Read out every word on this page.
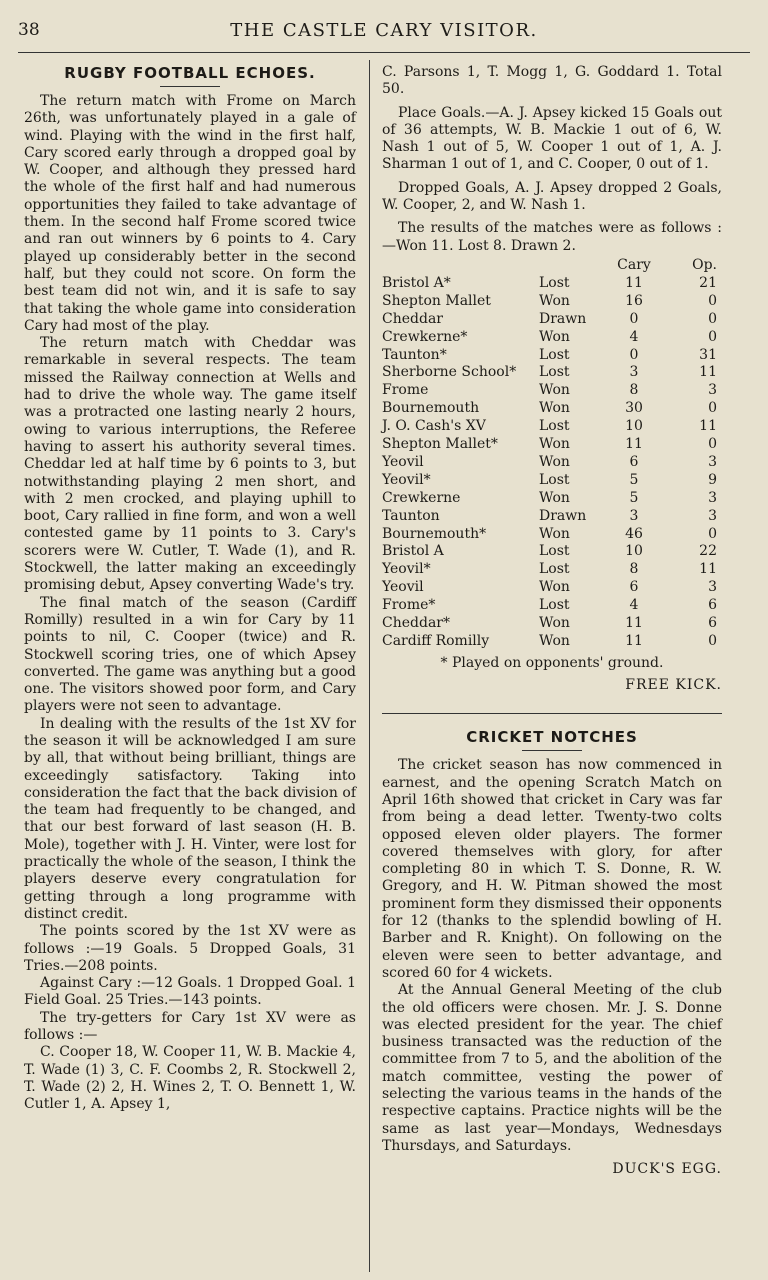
38	THE CASTLE CARY VISITOR.
RUGBY FOOTBALL ECHOES.

The return match with Frome on March 26th, was unfortunately played in a gale of wind. Playing with the wind in the first half, Cary scored early through a dropped goal by W. Cooper, and although they pressed hard the whole of the first half and had numerous opportunities they failed to take advantage of them. In the second half Frome scored twice and ran out winners by 6 points to 4. Cary played up considerably better in the second half, but they could not score. On form the best team did not win, and it is safe to say that taking the whole game into consideration Cary had most of the play.

The return match with Cheddar was remarkable in several respects. The team missed the Railway connection at Wells and had to drive the whole way. The game itself was a protracted one lasting nearly 2 hours, owing to various interruptions, the Referee having to assert his authority several times. Cheddar led at half time by 6 points to 3, but notwithstanding playing 2 men short, and with 2 men crocked, and playing uphill to boot, Cary rallied in fine form, and won a well contested game by 11 points to 3. Cary's scorers were W. Cutler, T. Wade (1), and R. Stockwell, the latter making an exceedingly promising debut, Apsey converting Wade's try.

The final match of the season (Cardiff Romilly) resulted in a win for Cary by 11 points to nil, C. Cooper (twice) and R. Stockwell scoring tries, one of which Apsey converted. The game was anything but a good one. The visitors showed poor form, and Cary players were not seen to advantage.

In dealing with the results of the 1st XV for the season it will be acknowledged I am sure by all, that without being brilliant, things are exceedingly satisfactory. Taking into consideration the fact that the back division of the team had frequently to be changed, and that our best forward of last season (H. B. Mole), together with J. H. Vinter, were lost for practically the whole of the season, I think the players deserve every congratulation for getting through a long programme with distinct credit.

The points scored by the 1st XV were as follows :—19 Goals. 5 Dropped Goals, 31 Tries.—208 points.

Against Cary :—12 Goals. 1 Dropped Goal. 1 Field Goal. 25 Tries.—143 points.

The try-getters for Cary 1st XV were as follows :—

C. Cooper 18, W. Cooper 11, W. B. Mackie 4, T. Wade (1) 3, C. F. Coombs 2, R. Stockwell 2, T. Wade (2) 2, H. Wines 2, T. O. Bennett 1, W. Cutler 1, A. Apsey 1,

C. Parsons 1, T. Mogg 1, G. Goddard 1. Total 50.

Place Goals.—A. J. Apsey kicked 15 Goals out of 36 attempts, W. B. Mackie 1 out of 6, W. Nash 1 out of 5, W. Cooper 1 out of 1, A. J. Sharman 1 out of 1, and C. Cooper, 0 out of 1.

Dropped Goals, A. J. Apsey dropped 2 Goals, W. Cooper, 2, and W. Nash 1.

The results of the matches were as follows :—Won 11. Lost 8. Drawn 2.

Cary	Op.
Bristol A*	Lost	11	21
Shepton Mallet	Won	16	0
Cheddar	Drawn	0	0
Crewkerne*	Won	4	0
Taunton*	Lost	0	31
Sherborne School*	Lost	3	11
Frome	Won	8	3
Bournemouth	Won	30	0
J. O. Cash's XV	Lost	10	11
Shepton Mallet*	Won	11	0
Yeovil	Won	6	3
Yeovil*	Lost	5	9
Crewkerne	Won	5	3
Taunton	Drawn	3	3
Bournemouth*	Won	46	0
Bristol A	Lost	10	22
Yeovil*	Lost	8	11
Yeovil	Won	6	3
Frome*	Lost	4	6
Cheddar*	Won	11	6
Cardiff Romilly	Won	11	0
* Played on opponents' ground.
FREE KICK.
CRICKET NOTCHES

The cricket season has now commenced in earnest, and the opening Scratch Match on April 16th showed that cricket in Cary was far from being a dead letter. Twenty-two colts opposed eleven older players. The former covered themselves with glory, for after completing 80 in which T. S. Donne, R. W. Gregory, and H. W. Pitman showed the most prominent form they dismissed their opponents for 12 (thanks to the splendid bowling of H. Barber and R. Knight). On following on the eleven were seen to better advantage, and scored 60 for 4 wickets.

At the Annual General Meeting of the club the old officers were chosen. Mr. J. S. Donne was elected president for the year. The chief business transacted was the reduction of the committee from 7 to 5, and the abolition of the match committee, vesting the power of selecting the various teams in the hands of the respective captains. Practice nights will be the same as last year—Mondays, Wednesdays Thursdays, and Saturdays.

DUCK'S EGG.
